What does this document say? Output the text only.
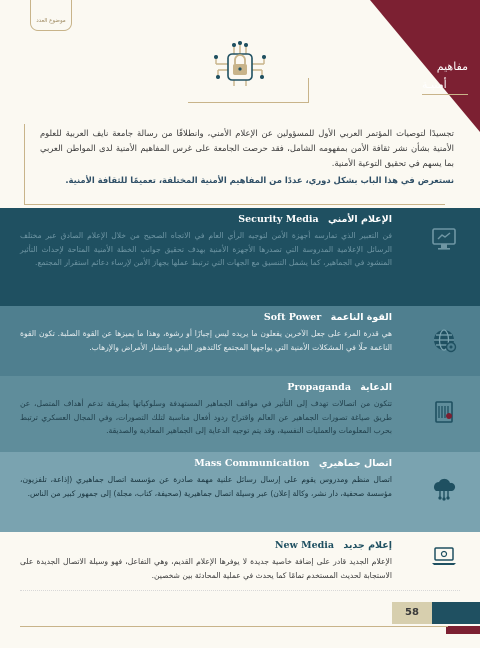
موضوع العدد
مفاهيم
أمنيـة

تجسيدًا لتوصيات المؤتمر العربي الأول للمسؤولين عن الإعلام الأمني، وانطلاقًا من رسالة جامعة نايف العربية للعلوم الأمنية بشأن نشر ثقافة الأمن بمفهومه الشامل، فقد حرصت الجامعة على غرس المفاهيم الأمنية لدى المواطن العربي بما يسهم في تحقيق التوعية الأمنية.

نستعرض في هذا الباب بشكل دوري، عددًا من المفاهيم الأمنية المختلفة، تعميمًا للثقافة الأمنية.

الإعلام الأمني Security Media

فن التعبير الذي تمارسه أجهزة الأمن لتوجيه الرأي العام في الاتجاه الصحيح من خلال الإعلام الصادق عبر مختلف الرسائل الإعلامية المدروسة التي تصدرها الأجهزة الأمنية بهدف تحقيق جوانب الخطة الأمنية المتاحة لإحداث التأثير المنشود في الجماهير، كما يشمل التنسيق مع الجهات التي ترتبط عملها بجهاز الأمن لإرساء دعائم استقرار المجتمع.

القوة الناعمة Soft Power

هي قدرة المرء على جعل الآخرين يفعلون ما يريده ليس إجبارًا أو رشوة، وهذا ما يميزها عن القوة الصلبة. تكون القوة الناعمة حلًا في المشكلات الأمنية التي يواجهها المجتمع كالتدهور البيئي وانتشار الأمراض والإرهاب.

الدعاية Propaganda

تتكون من اتصالات تهدف إلى التأثير في مواقف الجماهير المستهدفة وسلوكياتها بطريقة تدعم أهداف المتصل، عن طريق صياغة تصورات الجماهير عن العالم واقتراح ردود أفعال مناسبة لتلك التصورات، وفي المجال العسكري ترتبط بحرب المعلومات والعمليات النفسية، وقد يتم توجيه الدعاية إلى الجماهير المعادية والصديقة.

اتصال جماهيري Mass Communication

اتصال منظم ومدروس يقوم على إرسال رسائل علنية مهمة صادرة عن مؤسسة اتصال جماهيري (إذاعة، تلفزيون، مؤسسة صحفية، دار نشر، وكالة إعلان) عبر وسيلة اتصال جماهيرية (صحيفة، كتاب، مجلة) إلى جمهور كبير من الناس.

إعلام جديد New Media

الإعلام الجديد قادر على إضافة خاصية جديدة لا يوفرها الإعلام القديم، وهي التفاعل، فهو وسيلة الاتصال الجديدة على الاستجابة لحديث المستخدم تمامًا كما يحدث في عملية المحادثة بين شخصين.

58
